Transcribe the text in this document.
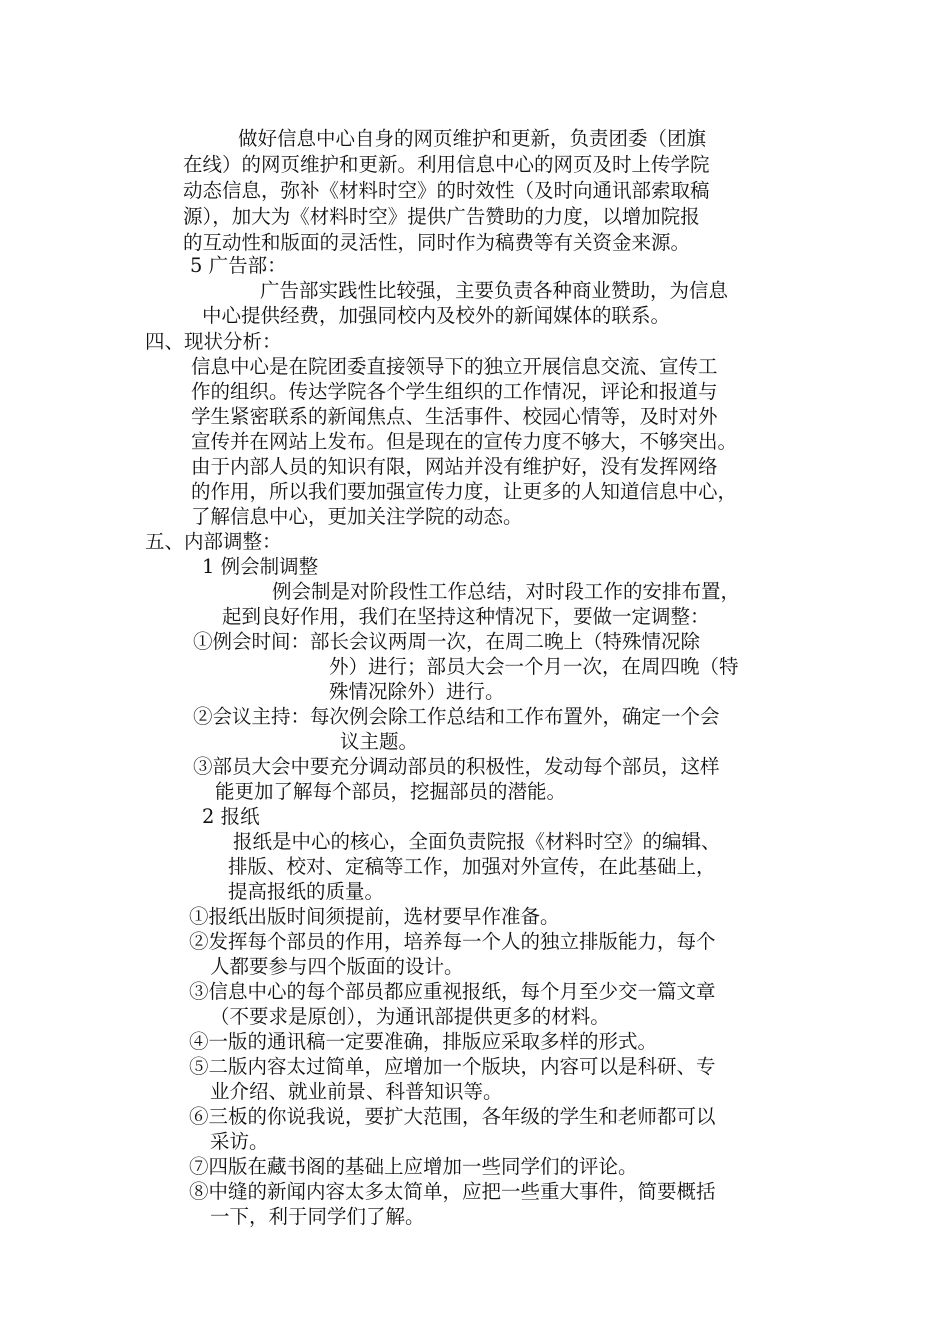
做好信息中心自身的网页维护和更新，负责团委（团旗
在线）的网页维护和更新。利用信息中心的网页及时上传学院
动态信息，弥补《材料时空》的时效性（及时向通讯部索取稿
源），加大为《材料时空》提供广告赞助的力度，以增加院报
的互动性和版面的灵活性，同时作为稿费等有关资金来源。
5 广告部：
广告部实践性比较强，主要负责各种商业赞助，为信息
中心提供经费，加强同校内及校外的新闻媒体的联系。
四、现状分析：
信息中心是在院团委直接领导下的独立开展信息交流、宣传工
作的组织。传达学院各个学生组织的工作情况，评论和报道与
学生紧密联系的新闻焦点、生活事件、校园心情等，及时对外
宣传并在网站上发布。但是现在的宣传力度不够大，不够突出。
由于内部人员的知识有限，网站并没有维护好，没有发挥网络
的作用，所以我们要加强宣传力度，让更多的人知道信息中心，
了解信息中心，更加关注学院的动态。
五、内部调整：
1 例会制调整
例会制是对阶段性工作总结，对时段工作的安排布置，
起到良好作用，我们在坚持这种情况下，要做一定调整：
①例会时间：部长会议两周一次，在周二晚上（特殊情况除
外）进行；部员大会一个月一次，在周四晚（特
殊情况除外）进行。
②会议主持：每次例会除工作总结和工作布置外，确定一个会
议主题。
③部员大会中要充分调动部员的积极性，发动每个部员，这样
能更加了解每个部员，挖掘部员的潜能。
2 报纸
报纸是中心的核心，全面负责院报《材料时空》的编辑、
排版、校对、定稿等工作，加强对外宣传，在此基础上，
提高报纸的质量。
①报纸出版时间须提前，选材要早作准备。
②发挥每个部员的作用，培养每一个人的独立排版能力，每个
人都要参与四个版面的设计。
③信息中心的每个部员都应重视报纸，每个月至少交一篇文章
（不要求是原创），为通讯部提供更多的材料。
④一版的通讯稿一定要准确，排版应采取多样的形式。
⑤二版内容太过简单，应增加一个版块，内容可以是科研、专
业介绍、就业前景、科普知识等。
⑥三板的你说我说，要扩大范围，各年级的学生和老师都可以
采访。
⑦四版在藏书阁的基础上应增加一些同学们的评论。
⑧中缝的新闻内容太多太简单，应把一些重大事件，简要概括
一下，利于同学们了解。
